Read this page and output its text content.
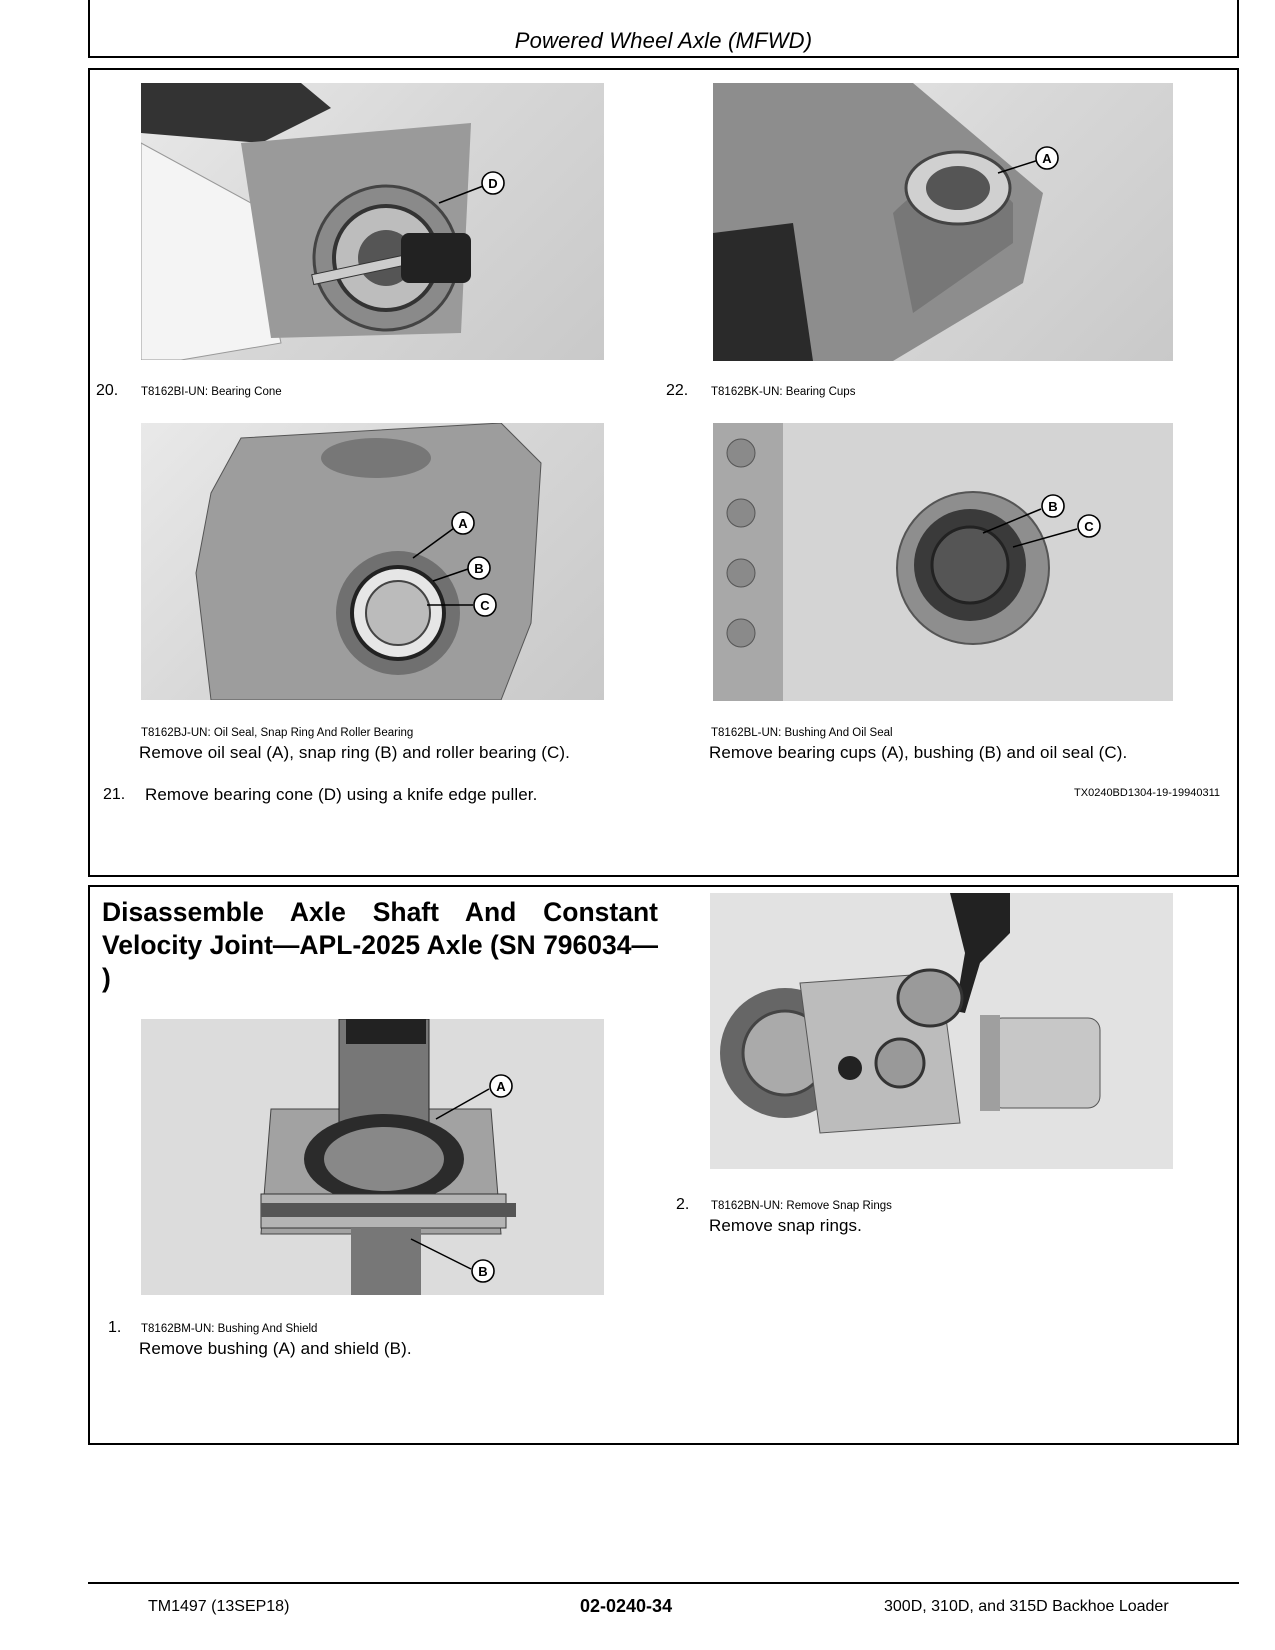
Powered Wheel Axle (MFWD)
D
20. T8162BI-UN: Bearing Cone
A
22. T8162BK-UN: Bearing Cups
A
B
C
T8162BJ-UN: Oil Seal, Snap Ring And Roller Bearing
Remove oil seal (A), snap ring (B) and roller bearing (C).
B
C
T8162BL-UN: Bushing And Oil Seal
Remove bearing cups (A), bushing (B) and oil seal (C).
21. Remove bearing cone (D) using a knife edge puller.	TX0240BD1304-19-19940311
Disassemble Axle Shaft And Constant Velocity Joint—APL-2025 Axle (SN 796034— )
A
B
1. T8162BM-UN: Bushing And Shield
Remove bushing (A) and shield (B).
2. T8162BN-UN: Remove Snap Rings
Remove snap rings.
TM1497 (13SEP18)	02-0240-34	300D, 310D, and 315D Backhoe Loader
